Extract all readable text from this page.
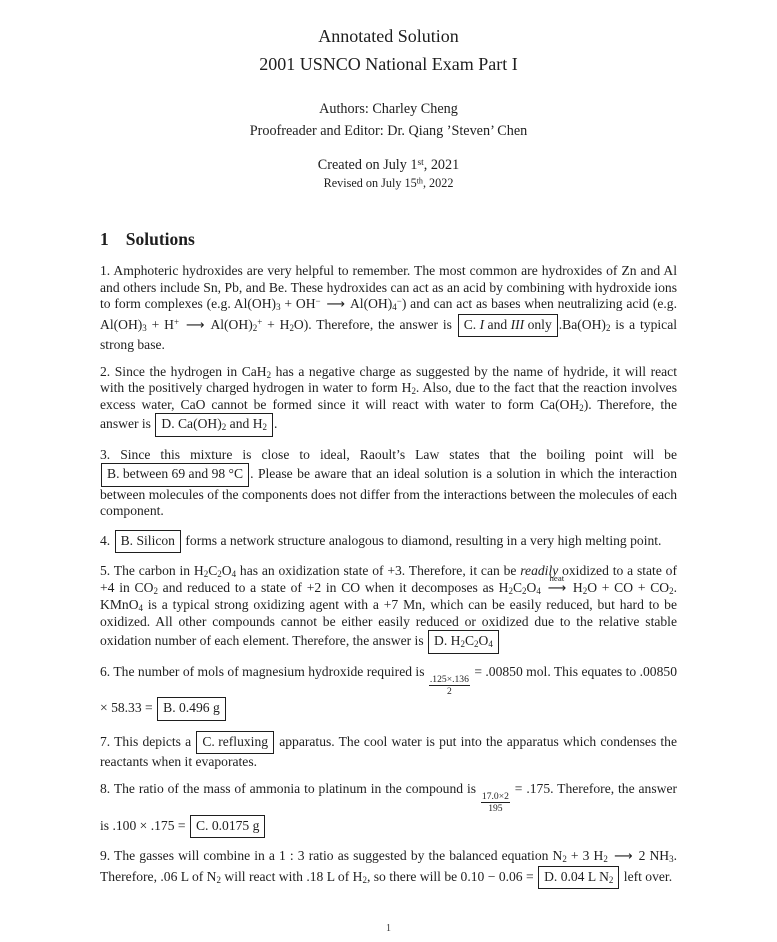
Annotated Solution
2001 USNCO National Exam Part I

Authors: Charley Cheng

Proofreader and Editor: Dr. Qiang ’Steven’ Chen

Created on July 1st, 2021

Revised on July 15th, 2022

1 Solutions

1. Amphoteric hydroxides are very helpful to remember. The most common are hydroxides of Zn and Al and others include Sn, Pb, and Be. These hydroxides can act as an acid by combining with hydroxide ions to form complexes (e.g. $Al(OH)_3 + OH^-$ ⟶ $Al(OH)_4^-$) and can act as bases when neutralizing acid (e.g. $Al(OH)_3 + H^+$ ⟶ $Al(OH)_2^+ + H_2O$). Therefore, the answer is C. I and III only $.Ba(OH)_2$ is a typical strong base.

2. Since the hydrogen in CaH$_2$ has a negative charge as suggested by the name of hydride, it will react with the positively charged hydrogen in water to form $H_2$. Also, due to the fact that the reaction involves excess water, CaO cannot be formed since it will react with water to form $Ca(OH_2)$. Therefore, the answer is D. $Ca(OH)_2$ and $H_2$ .

3. Since this mixture is close to ideal, Raoult’s Law states that the boiling point will be B. between 69 and 98 °C . Please be aware that an ideal solution is a solution in which the interaction between molecules of the components does not differ from the interactions between the molecules of each component.

4. B. Silicon forms a network structure analogous to diamond, resulting in a very high melting point.

5. The carbon in $H_2C_2O_4$ has an oxidization state of +3. Therefore, it can be readily oxidized to a state of +4 in $CO_2$ and reduced to a state of +2 in CO when it decomposes as $H_2C_2O_4$
heat
⟶ $H_2O$ + CO + $CO_2$. KMnO$_4$ is a typical strong oxidizing agent with a +7 Mn, which can be easily reduced, but hard to be oxidized. All other compounds cannot be either easily reduced or oxidized due to the relative stable oxidation number of each element. Therefore, the answer is D. $H_2C_2O_4$

6. The number of mols of magnesium hydroxide required is
$\frac{.125\times.136}{2}$
= .00850 mol. This equates to .00850 × 58.33 = B. 0.496 g

7. This depicts a C. refluxing apparatus. The cool water is put into the apparatus which condenses the reactants when it evaporates.

8. The ratio of the mass of ammonia to platinum in the compound is
$\frac{17.0\times 2}{195}$
= .175. Therefore, the answer is .100 × .175 = C. 0.0175 g

9. The gasses will combine in a 1 : 3 ratio as suggested by the balanced equation $N_2 + 3$ $H_2$ ⟶ 2 $NH_3$. Therefore, .06 L of $N_2$ will react with .18 L of $H_2$, so there will be 0.10 − 0.06 = D. 0.04 L $N_2$ left over.

1
